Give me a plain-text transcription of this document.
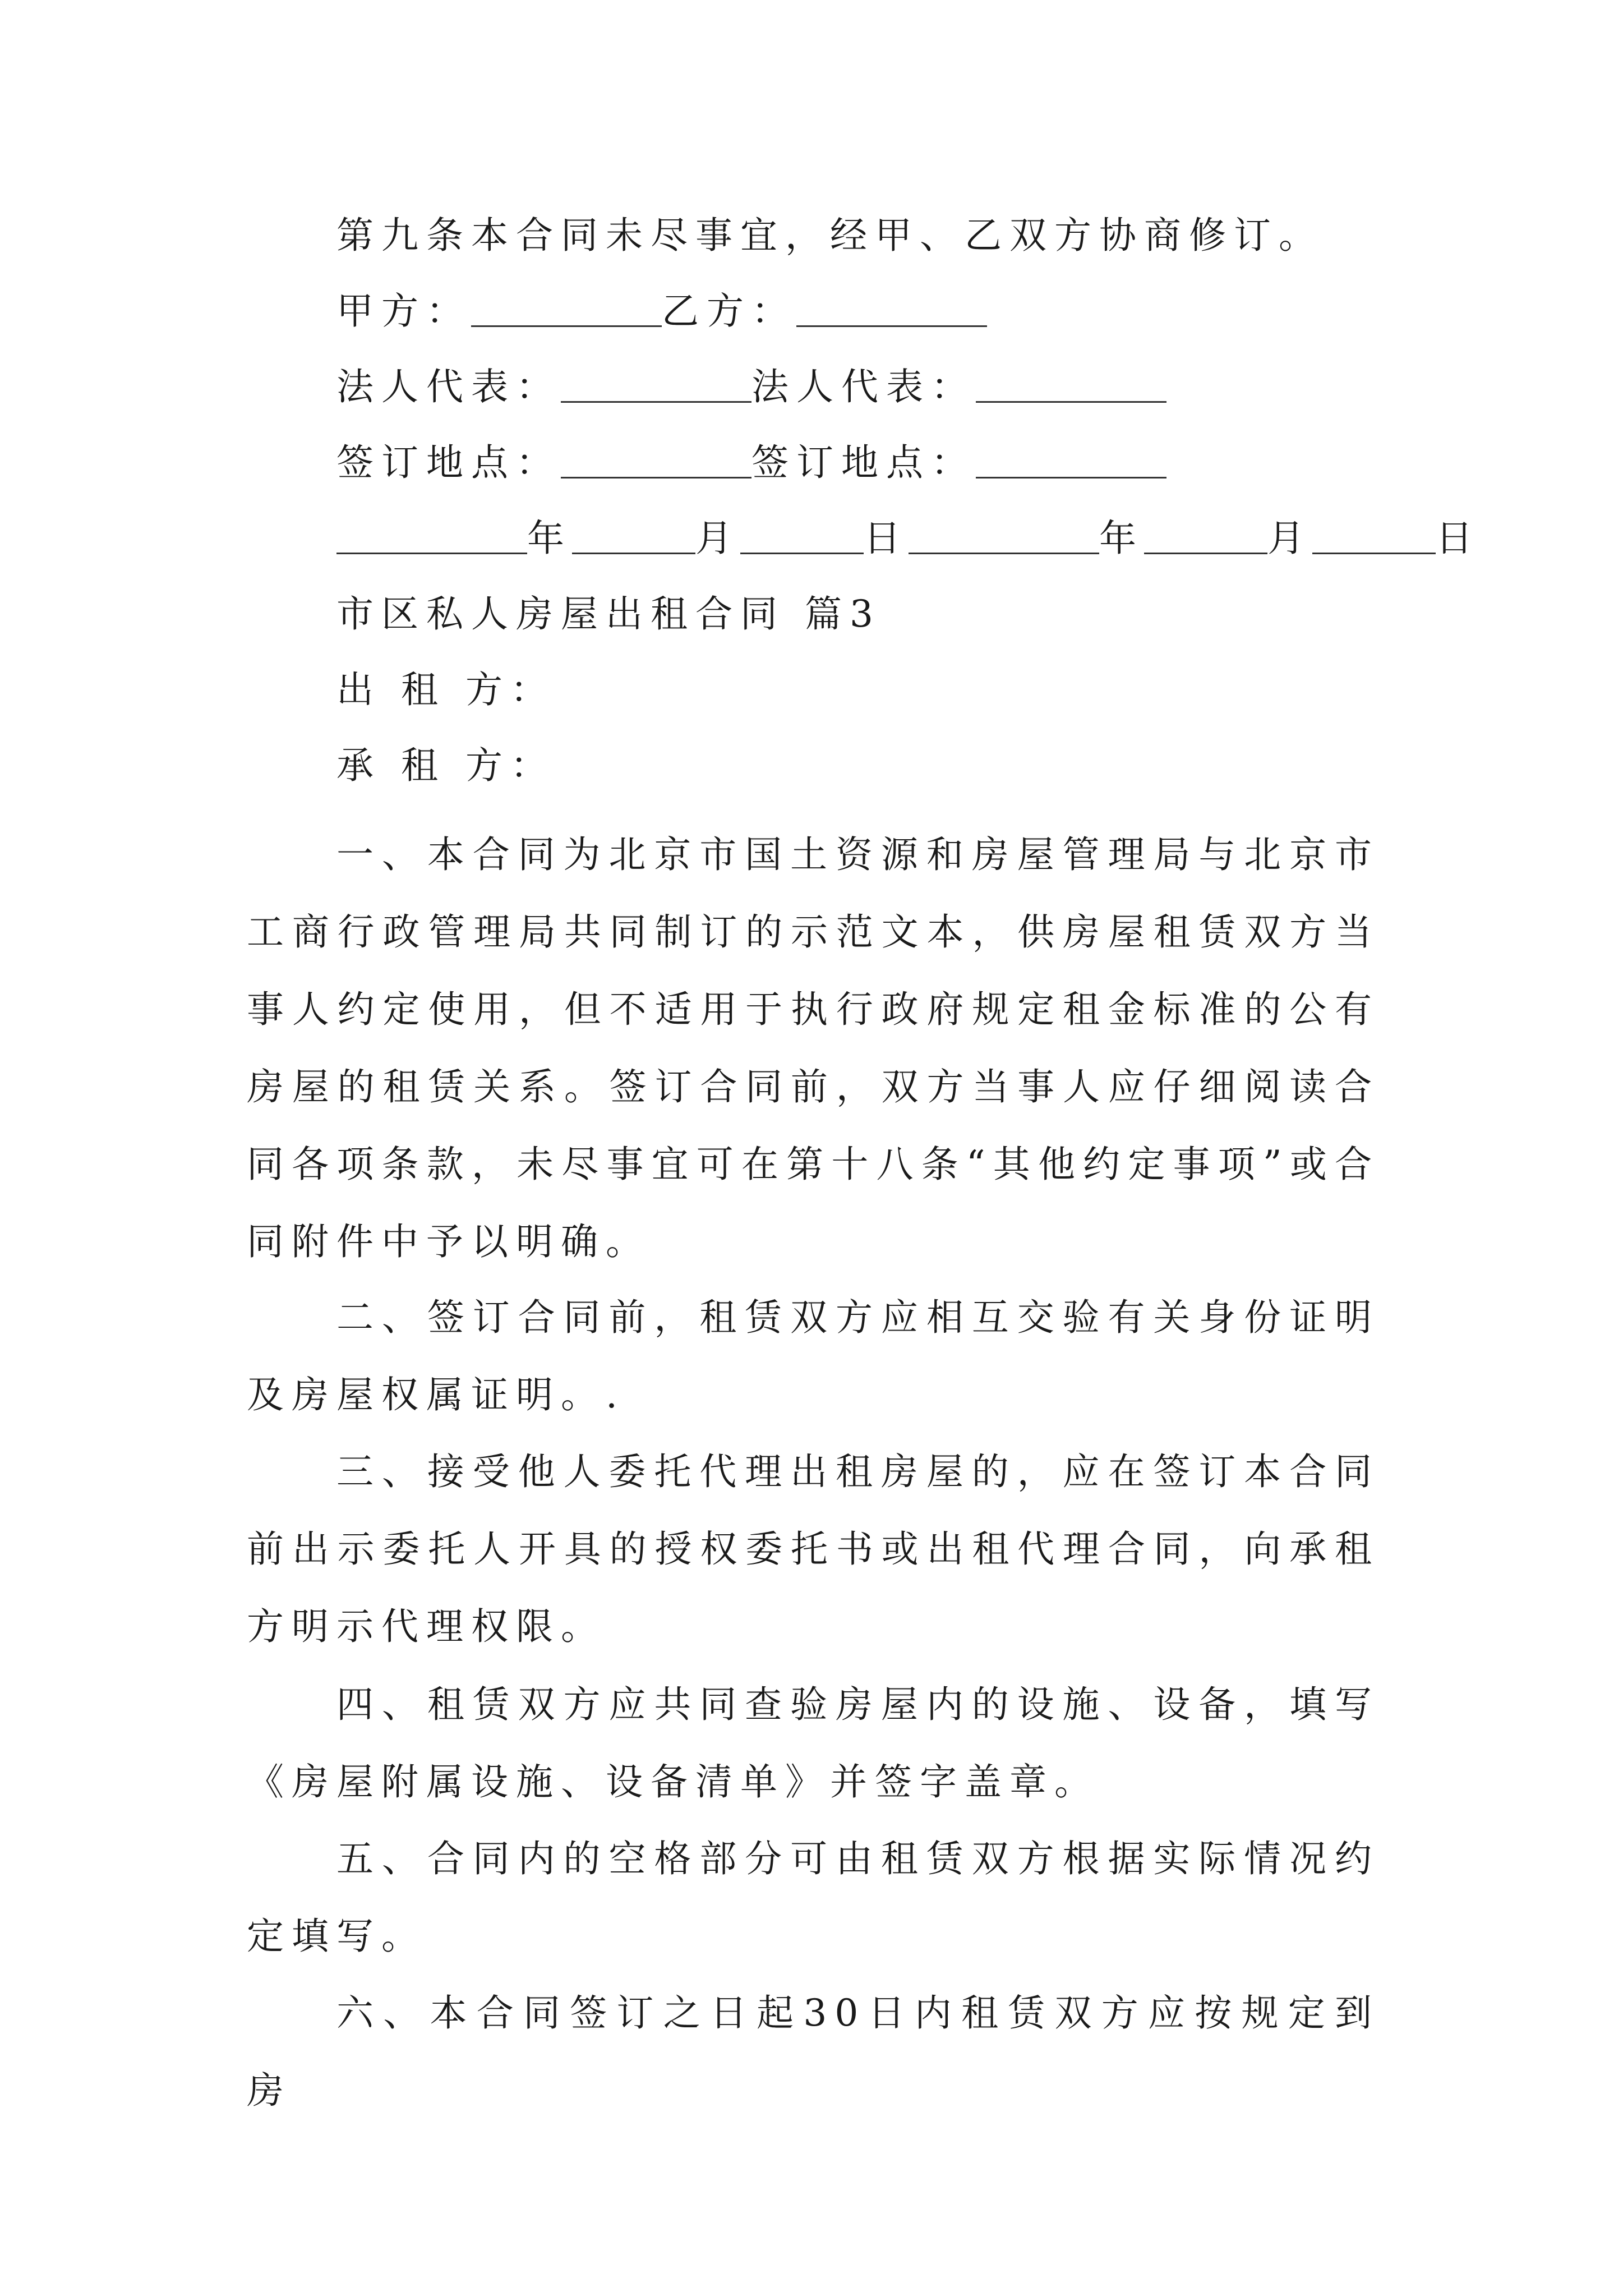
第九条本合同未尽事宜，经甲、乙双方协商修订。
甲方：	乙方：
法人代表：	法人代表：
签订地点：	签订地点：
年	月	日	年	月	日
市区私人房屋出租合同 篇3
出 租 方：
承 租 方：
一、本合同为北京市国土资源和房屋管理局与北京市工商行政管理局共同制订的示范文本，供房屋租赁双方当事人约定使用，但不适用于执行政府规定租金标准的公有房屋的租赁关系。签订合同前，双方当事人应仔细阅读合同各项条款，未尽事宜可在第十八条“其他约定事项”或合同附件中予以明确。
二、签订合同前，租赁双方应相互交验有关身份证明及房屋权属证明。.
三、接受他人委托代理出租房屋的，应在签订本合同前出示委托人开具的授权委托书或出租代理合同，向承租方明示代理权限。
四、租赁双方应共同查验房屋内的设施、设备，填写《房屋附属设施、设备清单》并签字盖章。
五、合同内的空格部分可由租赁双方根据实际情况约定填写。
六、本合同签订之日起30日内租赁双方应按规定到房
